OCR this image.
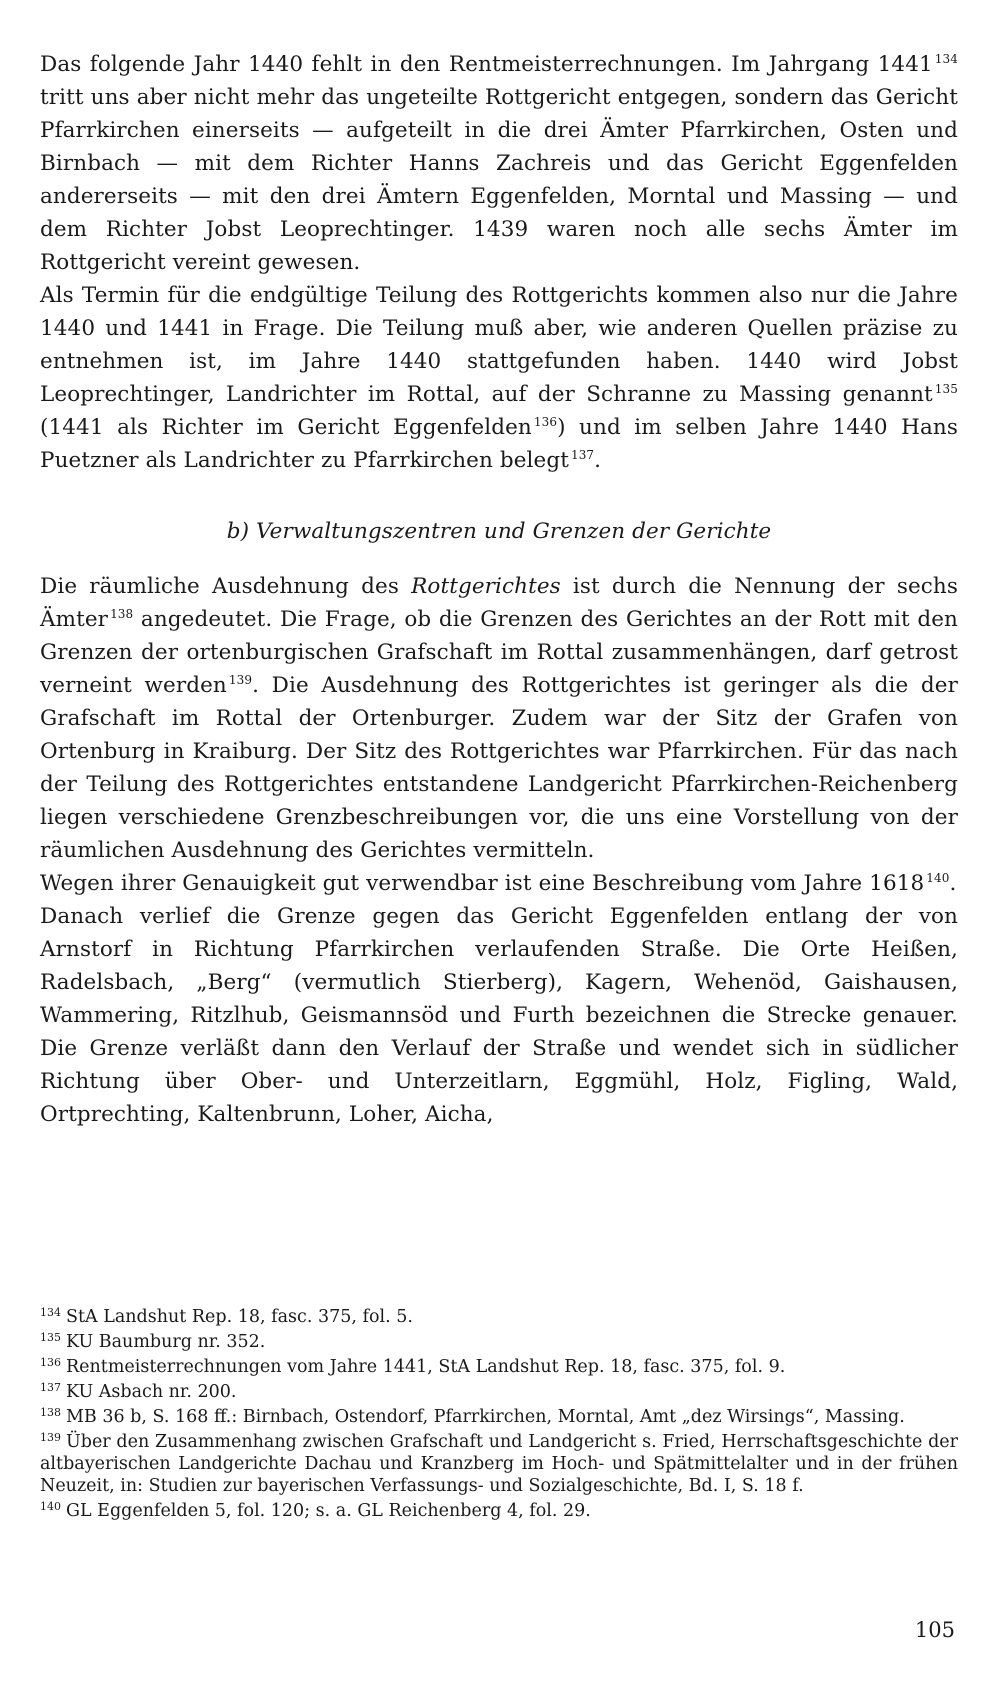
Das folgende Jahr 1440 fehlt in den Rentmeisterrechnungen. Im Jahrgang 1441 $^{134}$ tritt uns aber nicht mehr das ungeteilte Rottgericht entgegen, sondern das Gericht Pfarrkirchen einerseits — aufgeteilt in die drei Ämter Pfarrkirchen, Osten und Birnbach — mit dem Richter Hanns Zachreis und das Gericht Eggenfelden andererseits — mit den drei Ämtern Eggenfelden, Morntal und Massing — und dem Richter Jobst Leoprechtinger. 1439 waren noch alle sechs Ämter im Rottgericht vereint gewesen.

Als Termin für die endgültige Teilung des Rottgerichts kommen also nur die Jahre 1440 und 1441 in Frage. Die Teilung muß aber, wie anderen Quellen präzise zu entnehmen ist, im Jahre 1440 stattgefunden haben. 1440 wird Jobst Leoprechtinger, Landrichter im Rottal, auf der Schranne zu Massing genannt $^{135}$ (1441 als Richter im Gericht Eggenfelden $^{136}$) und im selben Jahre 1440 Hans Puetzner als Landrichter zu Pfarrkirchen belegt $^{137}$.

b) Verwaltungszentren und Grenzen der Gerichte

Die räumliche Ausdehnung des Rottgerichtes ist durch die Nennung der sechs Ämter $^{138}$ angedeutet. Die Frage, ob die Grenzen des Gerichtes an der Rott mit den Grenzen der ortenburgischen Grafschaft im Rottal zusammenhängen, darf getrost verneint werden $^{139}$. Die Ausdehnung des Rottgerichtes ist geringer als die der Grafschaft im Rottal der Ortenburger. Zudem war der Sitz der Grafen von Ortenburg in Kraiburg. Der Sitz des Rottgerichtes war Pfarrkirchen. Für das nach der Teilung des Rottgerichtes entstandene Landgericht Pfarrkirchen-Reichenberg liegen verschiedene Grenzbeschreibungen vor, die uns eine Vorstellung von der räumlichen Ausdehnung des Gerichtes vermitteln.

Wegen ihrer Genauigkeit gut verwendbar ist eine Beschreibung vom Jahre 1618 $^{140}$.

Danach verlief die Grenze gegen das Gericht Eggenfelden entlang der von Arnstorf in Richtung Pfarrkirchen verlaufenden Straße. Die Orte Heißen, Radelsbach, „Berg“ (vermutlich Stierberg), Kagern, Wehenöd, Gaishausen, Wammering, Ritzlhub, Geismannsöd und Furth bezeichnen die Strecke genauer. Die Grenze verläßt dann den Verlauf der Straße und wendet sich in südlicher Richtung über Ober- und Unterzeitlarn, Eggmühl, Holz, Figling, Wald, Ortprechting, Kaltenbrunn, Loher, Aicha,

$^{134}$ StA Landshut Rep. 18, fasc. 375, fol. 5.

$^{135}$ KU Baumburg nr. 352.

$^{136}$ Rentmeisterrechnungen vom Jahre 1441, StA Landshut Rep. 18, fasc. 375, fol. 9.

$^{137}$ KU Asbach nr. 200.

$^{138}$ MB 36 b, S. 168 ff.: Birnbach, Ostendorf, Pfarrkirchen, Morntal, Amt „dez Wirsings“, Massing.

$^{139}$ Über den Zusammenhang zwischen Grafschaft und Landgericht s. Fried, Herrschaftsgeschichte der altbayerischen Landgerichte Dachau und Kranzberg im Hoch- und Spätmittelalter und in der frühen Neuzeit, in: Studien zur bayerischen Verfassungs- und Sozialgeschichte, Bd. I, S. 18 f.

$^{140}$ GL Eggenfelden 5, fol. 120; s. a. GL Reichenberg 4, fol. 29.

105
